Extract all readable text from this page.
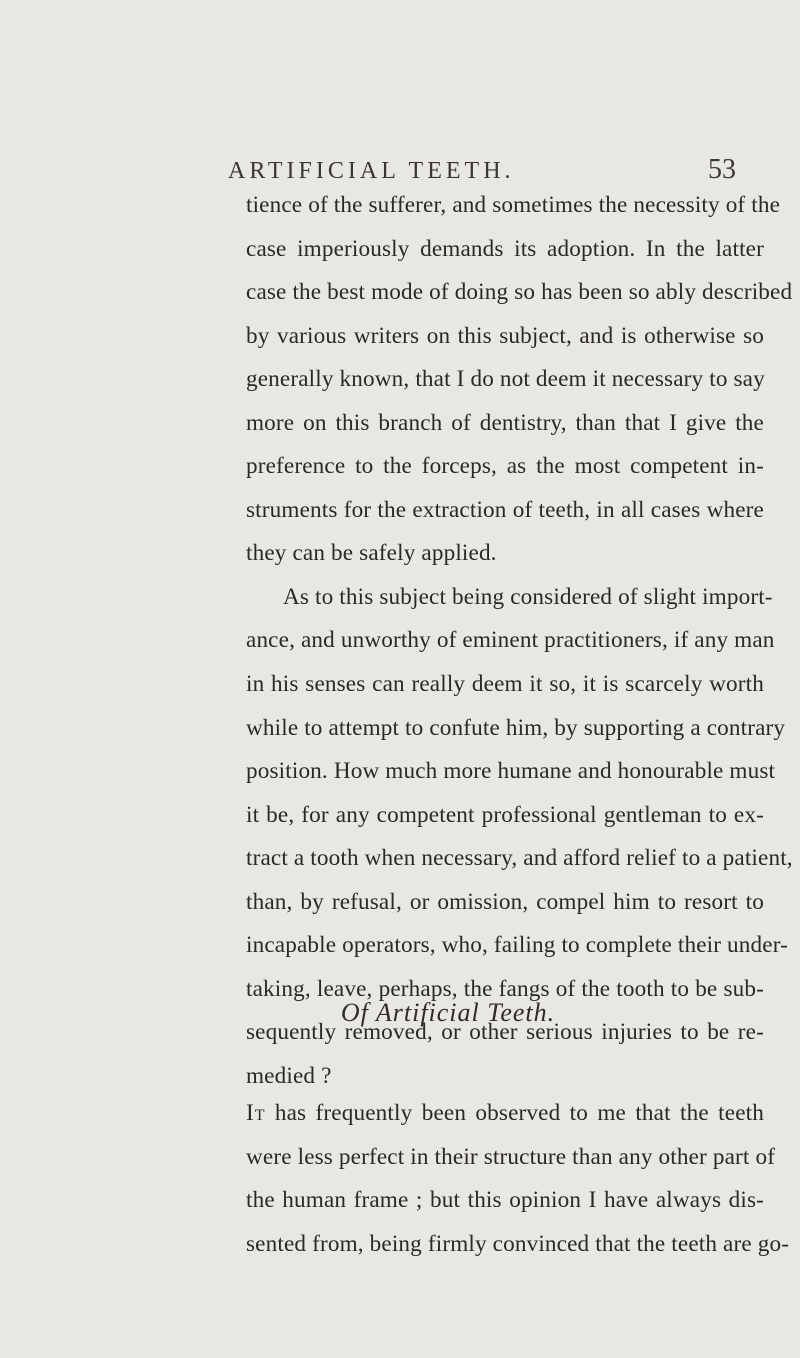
ARTIFICIAL TEETH.	53
tience of the sufferer, and sometimes the necessity of the
case imperiously demands its adoption. In the latter
case the best mode of doing so has been so ably described
by various writers on this subject, and is otherwise so
generally known, that I do not deem it necessary to say
more on this branch of dentistry, than that I give the
preference to the forceps, as the most competent in-
struments for the extraction of teeth, in all cases where
they can be safely applied.
As to this subject being considered of slight import-
ance, and unworthy of eminent practitioners, if any man
in his senses can really deem it so, it is scarcely worth
while to attempt to confute him, by supporting a contrary
position. How much more humane and honourable must
it be, for any competent professional gentleman to ex-
tract a tooth when necessary, and afford relief to a patient,
than, by refusal, or omission, compel him to resort to
incapable operators, who, failing to complete their under-
taking, leave, perhaps, the fangs of the tooth to be sub-
sequently removed, or other serious injuries to be re-
medied ?
Of Artificial Teeth.
It has frequently been observed to me that the teeth
were less perfect in their structure than any other part of
the human frame ; but this opinion I have always dis-
sented from, being firmly convinced that the teeth are go-
